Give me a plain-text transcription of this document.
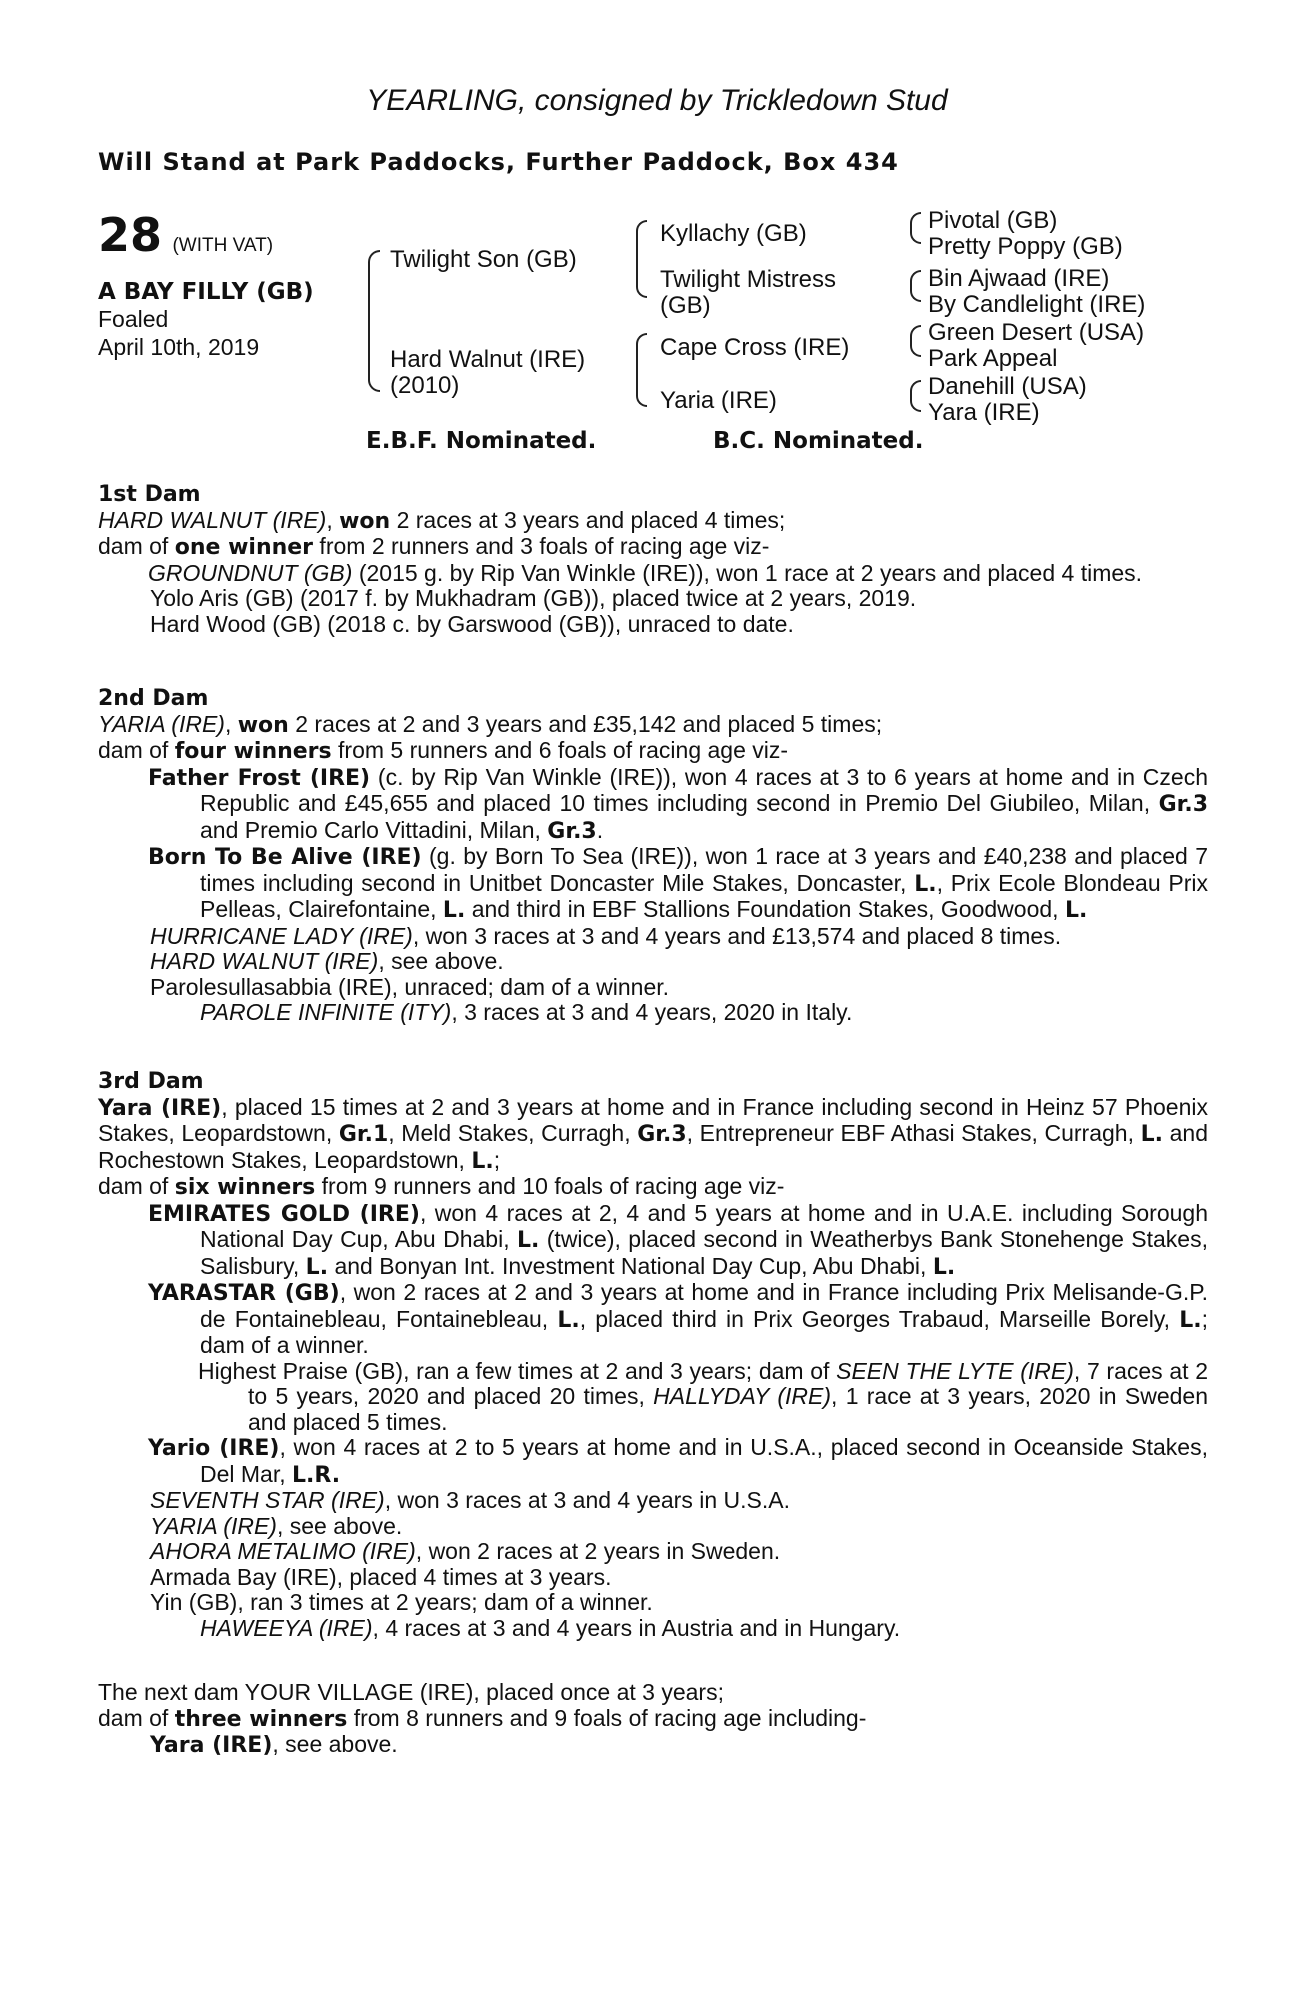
YEARLING, consigned by Trickledown Stud
Will Stand at Park Paddocks, Further Paddock, Box 434
28 (WITH VAT)
A BAY FILLY (GB)
Foaled
April 10th, 2019
Twilight Son (GB)
Hard Walnut (IRE)
(2010)
Kyllachy (GB)
Twilight Mistress
(GB)
Cape Cross (IRE)
Yaria (IRE)
Pivotal (GB)
Pretty Poppy (GB)
Bin Ajwaad (IRE)
By Candlelight (IRE)
Green Desert (USA)
Park Appeal
Danehill (USA)
Yara (IRE)
E.B.F. Nominated.	B.C. Nominated.

1st Dam

HARD WALNUT (IRE), won 2 races at 3 years and placed 4 times;

dam of one winner from 2 runners and 3 foals of racing age viz-

GROUNDNUT (GB) (2015 g. by Rip Van Winkle (IRE)), won 1 race at 2 years and placed 4 times.

Yolo Aris (GB) (2017 f. by Mukhadram (GB)), placed twice at 2 years, 2019.

Hard Wood (GB) (2018 c. by Garswood (GB)), unraced to date.

2nd Dam

YARIA (IRE), won 2 races at 2 and 3 years and £35,142 and placed 5 times;

dam of four winners from 5 runners and 6 foals of racing age viz-

Father Frost (IRE) (c. by Rip Van Winkle (IRE)), won 4 races at 3 to 6 years at home and in Czech Republic and £45,655 and placed 10 times including second in Premio Del Giubileo, Milan, Gr.3 and Premio Carlo Vittadini, Milan, Gr.3.

Born To Be Alive (IRE) (g. by Born To Sea (IRE)), won 1 race at 3 years and £40,238 and placed 7 times including second in Unitbet Doncaster Mile Stakes, Doncaster, L., Prix Ecole Blondeau Prix Pelleas, Clairefontaine, L. and third in EBF Stallions Foundation Stakes, Goodwood, L.

HURRICANE LADY (IRE), won 3 races at 3 and 4 years and £13,574 and placed 8 times.

HARD WALNUT (IRE), see above.

Parolesullasabbia (IRE), unraced; dam of a winner.

PAROLE INFINITE (ITY), 3 races at 3 and 4 years, 2020 in Italy.

3rd Dam

Yara (IRE), placed 15 times at 2 and 3 years at home and in France including second in Heinz 57 Phoenix Stakes, Leopardstown, Gr.1, Meld Stakes, Curragh, Gr.3, Entrepreneur EBF Athasi Stakes, Curragh, L. and Rochestown Stakes, Leopardstown, L.;

dam of six winners from 9 runners and 10 foals of racing age viz-

EMIRATES GOLD (IRE), won 4 races at 2, 4 and 5 years at home and in U.A.E. including Sorough National Day Cup, Abu Dhabi, L. (twice), placed second in Weatherbys Bank Stonehenge Stakes, Salisbury, L. and Bonyan Int. Investment National Day Cup, Abu Dhabi, L.

YARASTAR (GB), won 2 races at 2 and 3 years at home and in France including Prix Melisande-G.P. de Fontainebleau, Fontainebleau, L., placed third in Prix Georges Trabaud, Marseille Borely, L.; dam of a winner.

Highest Praise (GB), ran a few times at 2 and 3 years; dam of SEEN THE LYTE (IRE), 7 races at 2 to 5 years, 2020 and placed 20 times, HALLYDAY (IRE), 1 race at 3 years, 2020 in Sweden and placed 5 times.

Yario (IRE), won 4 races at 2 to 5 years at home and in U.S.A., placed second in Oceanside Stakes, Del Mar, L.R.

SEVENTH STAR (IRE), won 3 races at 3 and 4 years in U.S.A.

YARIA (IRE), see above.

AHORA METALIMO (IRE), won 2 races at 2 years in Sweden.

Armada Bay (IRE), placed 4 times at 3 years.

Yin (GB), ran 3 times at 2 years; dam of a winner.

HAWEEYA (IRE), 4 races at 3 and 4 years in Austria and in Hungary.

The next dam YOUR VILLAGE (IRE), placed once at 3 years;

dam of three winners from 8 runners and 9 foals of racing age including-

Yara (IRE), see above.
